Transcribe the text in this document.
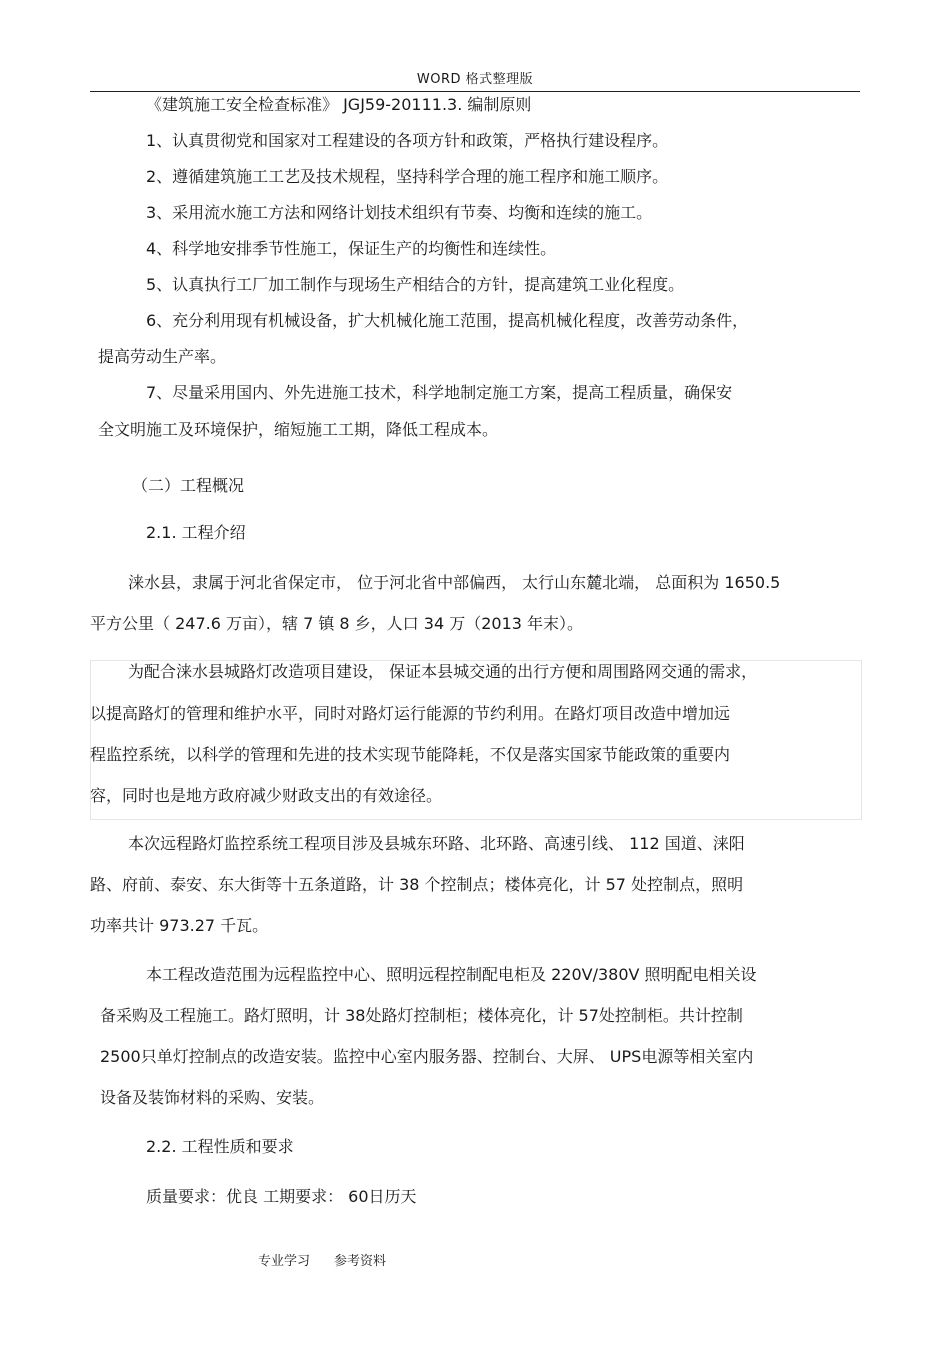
WORD 格式整理版
《建筑施工安全检查标准》 JGJ59-20111.3. 编制原则
1、认真贯彻党和国家对工程建设的各项方针和政策，严格执行建设程序。
2、遵循建筑施工工艺及技术规程，坚持科学合理的施工程序和施工顺序。
3、采用流水施工方法和网络计划技术组织有节奏、均衡和连续的施工。
4、科学地安排季节性施工，保证生产的均衡性和连续性。
5、认真执行工厂加工制作与现场生产相结合的方针，提高建筑工业化程度。
6、充分利用现有机械设备，扩大机械化施工范围，提高机械化程度，改善劳动条件，
提高劳动生产率。
7、尽量采用国内、外先进施工技术，科学地制定施工方案，提高工程质量，确保安
全文明施工及环境保护，缩短施工工期，降低工程成本。
（二）工程概况
2.1. 工程介绍
涞水县，隶属于河北省保定市， 位于河北省中部偏西， 太行山东麓北端， 总面积为 1650.5
平方公里（ 247.6 万亩），辖 7 镇 8 乡，人口 34 万（2013 年末）。
为配合涞水县城路灯改造项目建设， 保证本县城交通的出行方便和周围路网交通的需求，
以提高路灯的管理和维护水平，同时对路灯运行能源的节约利用。在路灯项目改造中增加远
程监控系统，以科学的管理和先进的技术实现节能降耗，不仅是落实国家节能政策的重要内
容，同时也是地方政府减少财政支出的有效途径。
本次远程路灯监控系统工程项目涉及县城东环路、北环路、高速引线、 112 国道、涞阳
路、府前、泰安、东大街等十五条道路，计 38 个控制点；楼体亮化，计 57 处控制点，照明
功率共计 973.27 千瓦。
本工程改造范围为远程监控中心、照明远程控制配电柜及 220V/380V 照明配电相关设
备采购及工程施工。路灯照明，计 38处路灯控制柜；楼体亮化，计 57处控制柜。共计控制
2500只单灯控制点的改造安装。监控中心室内服务器、控制台、大屏、 UPS电源等相关室内
设备及装饰材料的采购、安装。
2.2. 工程性质和要求
质量要求：优良 工期要求： 60日历天
专业学习 参考资料
